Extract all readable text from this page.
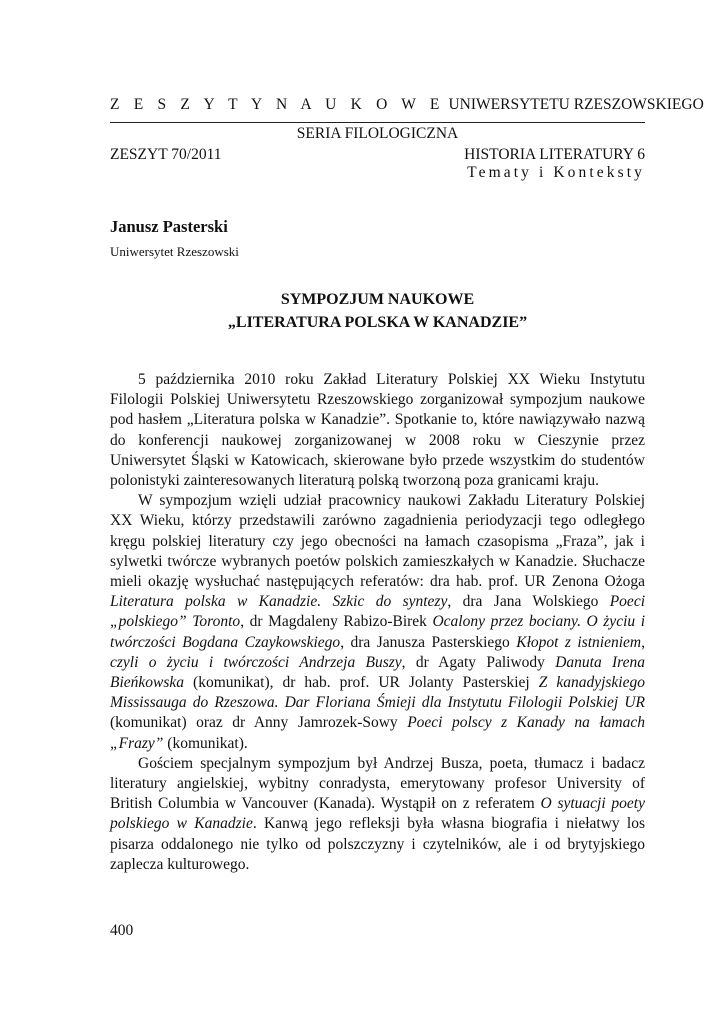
Z E S Z Y T Y N A U K O W E UNIWERSYTETU RZESZOWSKIEGO
SERIA FILOLOGICZNA
ZESZYT 70/2011	HISTORIA LITERATURY 6
Tematy i Konteksty
Janusz Pasterski
Uniwersytet Rzeszowski
SYMPOZJUM NAUKOWE
„LITERATURA POLSKA W KANADZIE”

5 października 2010 roku Zakład Literatury Polskiej XX Wieku Instytutu Filologii Polskiej Uniwersytetu Rzeszowskiego zorganizował sympozjum naukowe pod hasłem „Literatura polska w Kanadzie”. Spotkanie to, które nawiązywało nazwą do konferencji naukowej zorganizowanej w 2008 roku w Cieszynie przez Uniwersytet Śląski w Katowicach, skierowane było przede wszystkim do studentów polonistyki zainteresowanych literaturą polską tworzoną poza granicami kraju.

W sympozjum wzięli udział pracownicy naukowi Zakładu Literatury Polskiej XX Wieku, którzy przedstawili zarówno zagadnienia periodyzacji tego odległego kręgu polskiej literatury czy jego obecności na łamach czasopisma „Fraza”, jak i sylwetki twórcze wybranych poetów polskich zamieszkałych w Kanadzie. Słuchacze mieli okazję wysłuchać następujących referatów: dra hab. prof. UR Zenona Ożoga Literatura polska w Kanadzie. Szkic do syntezy, dra Jana Wolskiego Poeci „polskiego” Toronto, dr Magdaleny Rabizo-Birek Ocalony przez bociany. O życiu i twórczości Bogdana Czaykowskiego, dra Janusza Pasterskiego Kłopot z istnieniem, czyli o życiu i twórczości Andrzeja Buszy, dr Agaty Paliwody Danuta Irena Bieńkowska (komunikat), dr hab. prof. UR Jolanty Pasterskiej Z kanadyjskiego Mississauga do Rzeszowa. Dar Floriana Śmieji dla Instytutu Filologii Polskiej UR (komunikat) oraz dr Anny Jamrozek-Sowy Poeci polscy z Kanady na łamach „Frazy” (komunikat).

Gościem specjalnym sympozjum był Andrzej Busza, poeta, tłumacz i badacz literatury angielskiej, wybitny conradysta, emerytowany profesor University of British Columbia w Vancouver (Kanada). Wystąpił on z referatem O sytuacji poety polskiego w Kanadzie. Kanwą jego refleksji była własna biografia i niełatwy los pisarza oddalonego nie tylko od polszczyzny i czytelników, ale i od brytyjskiego zaplecza kulturowego.

400
